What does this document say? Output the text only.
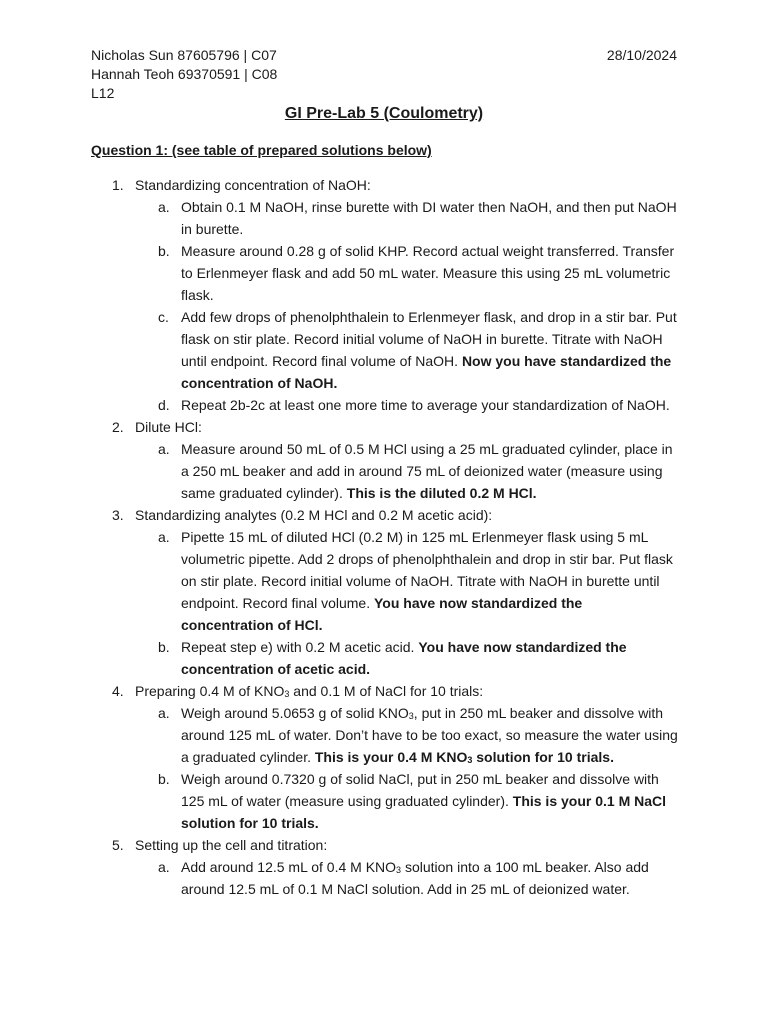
Nicholas Sun 87605796 | C07
Hannah Teoh 69370591 | C08
L12
28/10/2024
GI Pre-Lab 5 (Coulometry)
Question 1: (see table of prepared solutions below)
1. Standardizing concentration of NaOH:
a. Obtain 0.1 M NaOH, rinse burette with DI water then NaOH, and then put NaOH in burette.
b. Measure around 0.28 g of solid KHP. Record actual weight transferred. Transfer to Erlenmeyer flask and add 50 mL water. Measure this using 25 mL volumetric flask.
c. Add few drops of phenolphthalein to Erlenmeyer flask, and drop in a stir bar. Put flask on stir plate. Record initial volume of NaOH in burette. Titrate with NaOH until endpoint. Record final volume of NaOH. Now you have standardized the concentration of NaOH.
d. Repeat 2b-2c at least one more time to average your standardization of NaOH.
2. Dilute HCl:
a. Measure around 50 mL of 0.5 M HCl using a 25 mL graduated cylinder, place in a 250 mL beaker and add in around 75 mL of deionized water (measure using same graduated cylinder). This is the diluted 0.2 M HCl.
3. Standardizing analytes (0.2 M HCl and 0.2 M acetic acid):
a. Pipette 15 mL of diluted HCl (0.2 M) in 125 mL Erlenmeyer flask using 5 mL volumetric pipette. Add 2 drops of phenolphthalein and drop in stir bar. Put flask on stir plate. Record initial volume of NaOH. Titrate with NaOH in burette until endpoint. Record final volume. You have now standardized the concentration of HCl.
b. Repeat step e) with 0.2 M acetic acid. You have now standardized the concentration of acetic acid.
4. Preparing 0.4 M of $KNO_3$ and 0.1 M of NaCl for 10 trials:
a. Weigh around 5.0653 g of solid $KNO_3$, put in 250 mL beaker and dissolve with around 125 mL of water. Don’t have to be too exact, so measure the water using a graduated cylinder. This is your 0.4 M $KNO_3$ solution for 10 trials.
b. Weigh around 0.7320 g of solid NaCl, put in 250 mL beaker and dissolve with 125 mL of water (measure using graduated cylinder). This is your 0.1 M NaCl solution for 10 trials.
5. Setting up the cell and titration:
a. Add around 12.5 mL of 0.4 M $KNO_3$ solution into a 100 mL beaker. Also add around 12.5 mL of 0.1 M NaCl solution. Add in 25 mL of deionized water.
